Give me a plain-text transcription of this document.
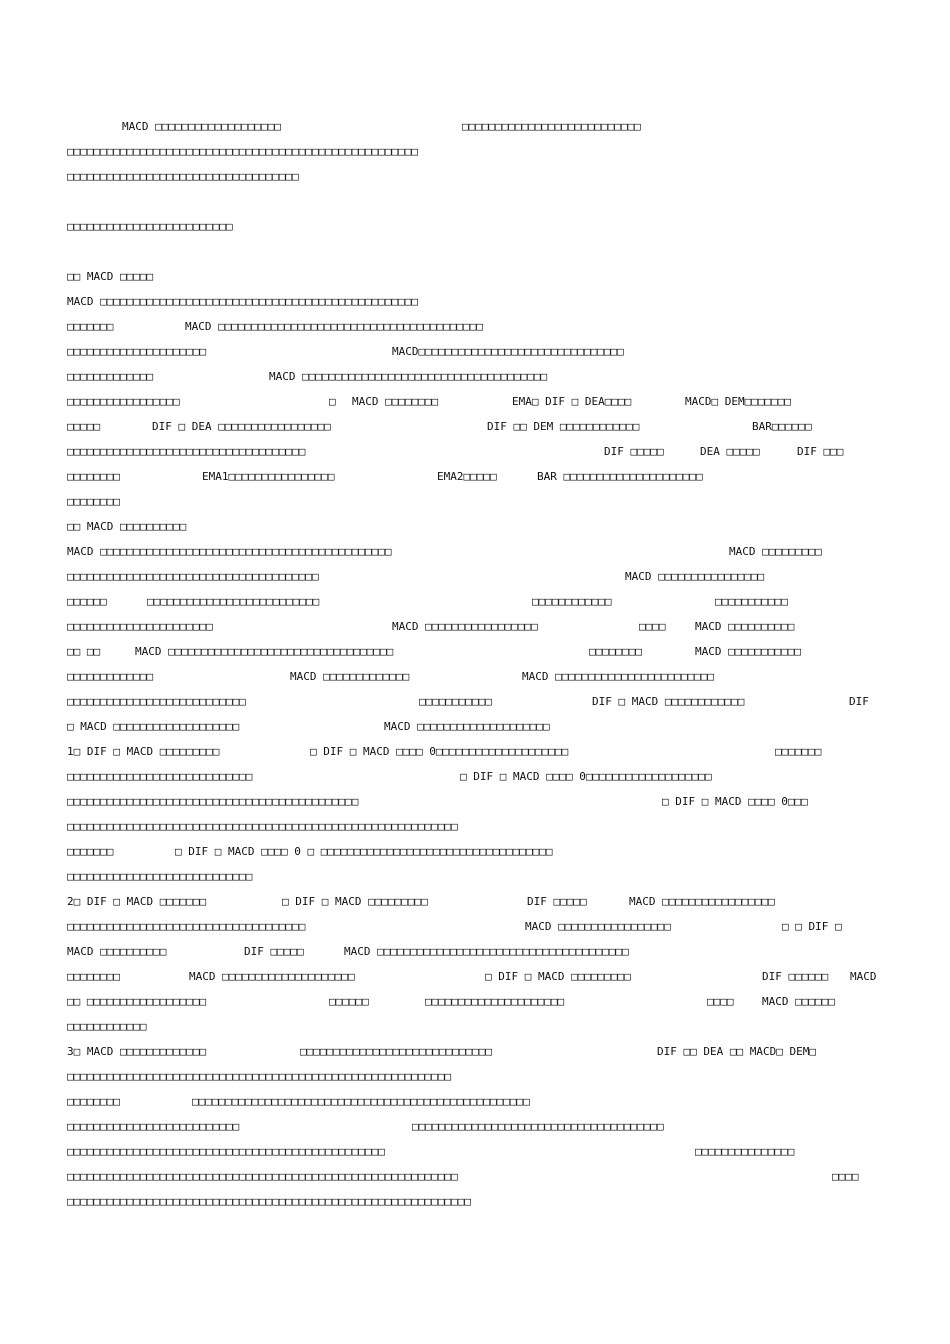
MACD □□□□□□□□□□□□□□□□□□□

	□□□□□□□□□□□□□□□□□□□□□□□□□□□

□□□□□□□□□□□□□□□□□□□□□□□□□□□□□□□□□□□□□□□□□□□□□□□□□□□□□

□□□□□□□□□□□□□□□□□□□□□□□□□□□□□□□□□□□

□□□□□□□□□□□□□□□□□□□□□□□□□

□□ MACD □□□□□

MACD □□□□□□□□□□□□□□□□□□□□□□□□□□□□□□□□□□□□□□□□□□□□□□□□

□□□□□□□

	MACD □□□□□□□□□□□□□□□□□□□□□□□□□□□□□□□□□□□□□□□□

□□□□□□□□□□□□□□□□□□□□□

	MACD□□□□□□□□□□□□□□□□□□□□□□□□□□□□□□□

□□□□□□□□□□□□□

	MACD □□□□□□□□□□□□□□□□□□□□□□□□□□□□□□□□□□□□□

□□□□□□□□□□□□□□□□□

	□

MACD □□□□□□□□

	EMA□ DIF □ DEA□□□□

	MACD□ DEM□□□□□□□

□□□□□

	DIF □ DEA □□□□□□□□□□□□□□□□□

	DIF □□ DEM □□□□□□□□□□□□

	BAR□□□□□□

□□□□□□□□□□□□□□□□□□□□□□□□□□□□□□□□□□□□

	DIF □□□□□

	DEA □□□□□

	DIF □□□

□□□□□□□□

	EMA1□□□□□□□□□□□□□□□□

	EMA2□□□□□

	BAR □□□□□□□□□□□□□□□□□□□□□

□□□□□□□□

□□ MACD □□□□□□□□□□

MACD □□□□□□□□□□□□□□□□□□□□□□□□□□□□□□□□□□□□□□□□□□□□

	MACD □□□□□□□□□

□□□□□□□□□□□□□□□□□□□□□□□□□□□□□□□□□□□□□□

	MACD □□□□□□□□□□□□□□□□

□□□□□□

	□□□□□□□□□□□□□□□□□□□□□□□□□□

	□□□□□□□□□□□□

	□□□□□□□□□□□

□□□□□□□□□□□□□□□□□□□□□□

	MACD □□□□□□□□□□□□□□□□□

	□□□□

	MACD □□□□□□□□□□

□□ □□

	MACD □□□□□□□□□□□□□□□□□□□□□□□□□□□□□□□□□□

	□□□□□□□□

	MACD □□□□□□□□□□□

□□□□□□□□□□□□□

	MACD □□□□□□□□□□□□□

	MACD □□□□□□□□□□□□□□□□□□□□□□□□

□□□□□□□□□□□□□□□□□□□□□□□□□□□

	□□□□□□□□□□□

	DIF □ MACD □□□□□□□□□□□□

	DIF

□ MACD □□□□□□□□□□□□□□□□□□□

	MACD □□□□□□□□□□□□□□□□□□□□

1□ DIF □ MACD □□□□□□□□□

	□ DIF □ MACD □□□□ 0□□□□□□□□□□□□□□□□□□□□

	□□□□□□□

□□□□□□□□□□□□□□□□□□□□□□□□□□□□

	□ DIF □ MACD □□□□ 0□□□□□□□□□□□□□□□□□□□

□□□□□□□□□□□□□□□□□□□□□□□□□□□□□□□□□□□□□□□□□□□□

	□ DIF □ MACD □□□□ 0□□□

□□□□□□□□□□□□□□□□□□□□□□□□□□□□□□□□□□□□□□□□□□□□□□□□□□□□□□□□□□□

□□□□□□□

	□ DIF □ MACD □□□□ 0 □ □□□□□□□□□□□□□□□□□□□□□□□□□□□□□□□□□□□

□□□□□□□□□□□□□□□□□□□□□□□□□□□□

2□ DIF □ MACD □□□□□□□

	□ DIF □ MACD □□□□□□□□□

	DIF □□□□□

	MACD □□□□□□□□□□□□□□□□□

□□□□□□□□□□□□□□□□□□□□□□□□□□□□□□□□□□□□

	MACD □□□□□□□□□□□□□□□□□

	□ □ DIF □

MACD □□□□□□□□□□

	DIF □□□□□

	MACD □□□□□□□□□□□□□□□□□□□□□□□□□□□□□□□□□□□□□□

□□□□□□□□

	MACD □□□□□□□□□□□□□□□□□□□□

	□ DIF □ MACD □□□□□□□□□

	DIF □□□□□□

MACD

□□ □□□□□□□□□□□□□□□□□□

	□□□□□□

	□□□□□□□□□□□□□□□□□□□□□

	□□□□

	MACD □□□□□□

□□□□□□□□□□□□

3□ MACD □□□□□□□□□□□□□

	□□□□□□□□□□□□□□□□□□□□□□□□□□□□□

	DIF □□ DEA □□ MACD□ DEM□

□□□□□□□□□□□□□□□□□□□□□□□□□□□□□□□□□□□□□□□□□□□□□□□□□□□□□□□□□□

□□□□□□□□

	□□□□□□□□□□□□□□□□□□□□□□□□□□□□□□□□□□□□□□□□□□□□□□□□□□□

□□□□□□□□□□□□□□□□□□□□□□□□□□

	□□□□□□□□□□□□□□□□□□□□□□□□□□□□□□□□□□□□□□

□□□□□□□□□□□□□□□□□□□□□□□□□□□□□□□□□□□□□□□□□□□□□□□□

	□□□□□□□□□□□□□□□

□□□□□□□□□□□□□□□□□□□□□□□□□□□□□□□□□□□□□□□□□□□□□□□□□□□□□□□□□□□

	□□□□

□□□□□□□□□□□□□□□□□□□□□□□□□□□□□□□□□□□□□□□□□□□□□□□□□□□□□□□□□□□□□
